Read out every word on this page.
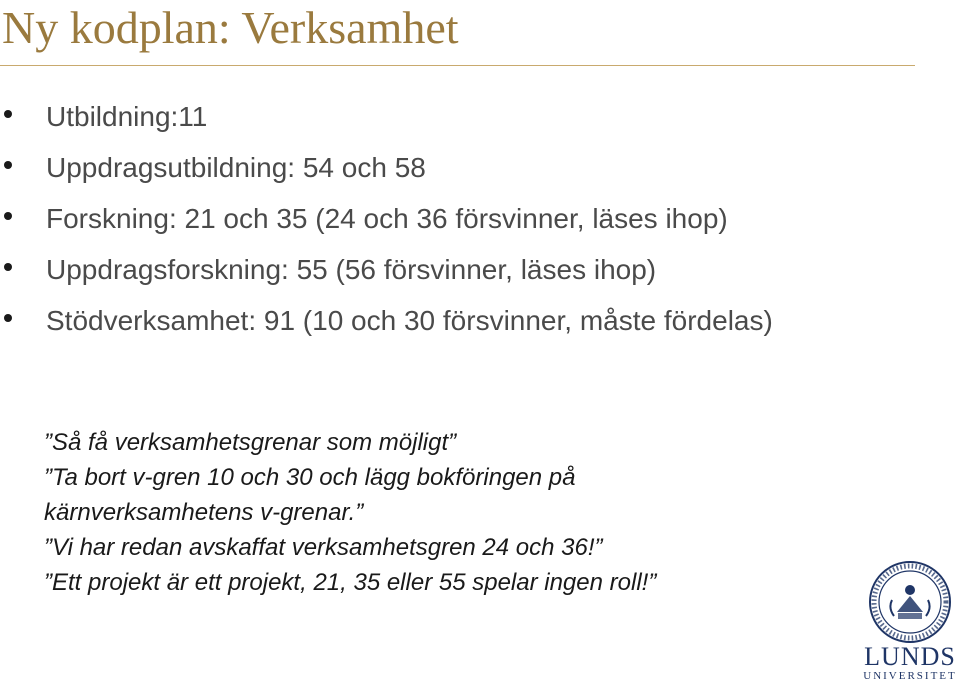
Ny kodplan: Verksamhet
Utbildning:11
Uppdragsutbildning: 54 och 58
Forskning: 21 och 35 (24 och 36 försvinner, läses ihop)
Uppdragsforskning: 55 (56 försvinner, läses ihop)
Stödverksamhet: 91 (10 och 30 försvinner, måste fördelas)
”Så få verksamhetsgrenar som möjligt”
”Ta bort v-gren 10 och 30 och lägg bokföringen på kärnverksamhetens v-grenar.”
”Vi har redan avskaffat verksamhetsgren 24 och 36!”
”Ett projekt är ett projekt, 21, 35 eller 55 spelar ingen roll!”
LUNDS
UNIVERSITET
